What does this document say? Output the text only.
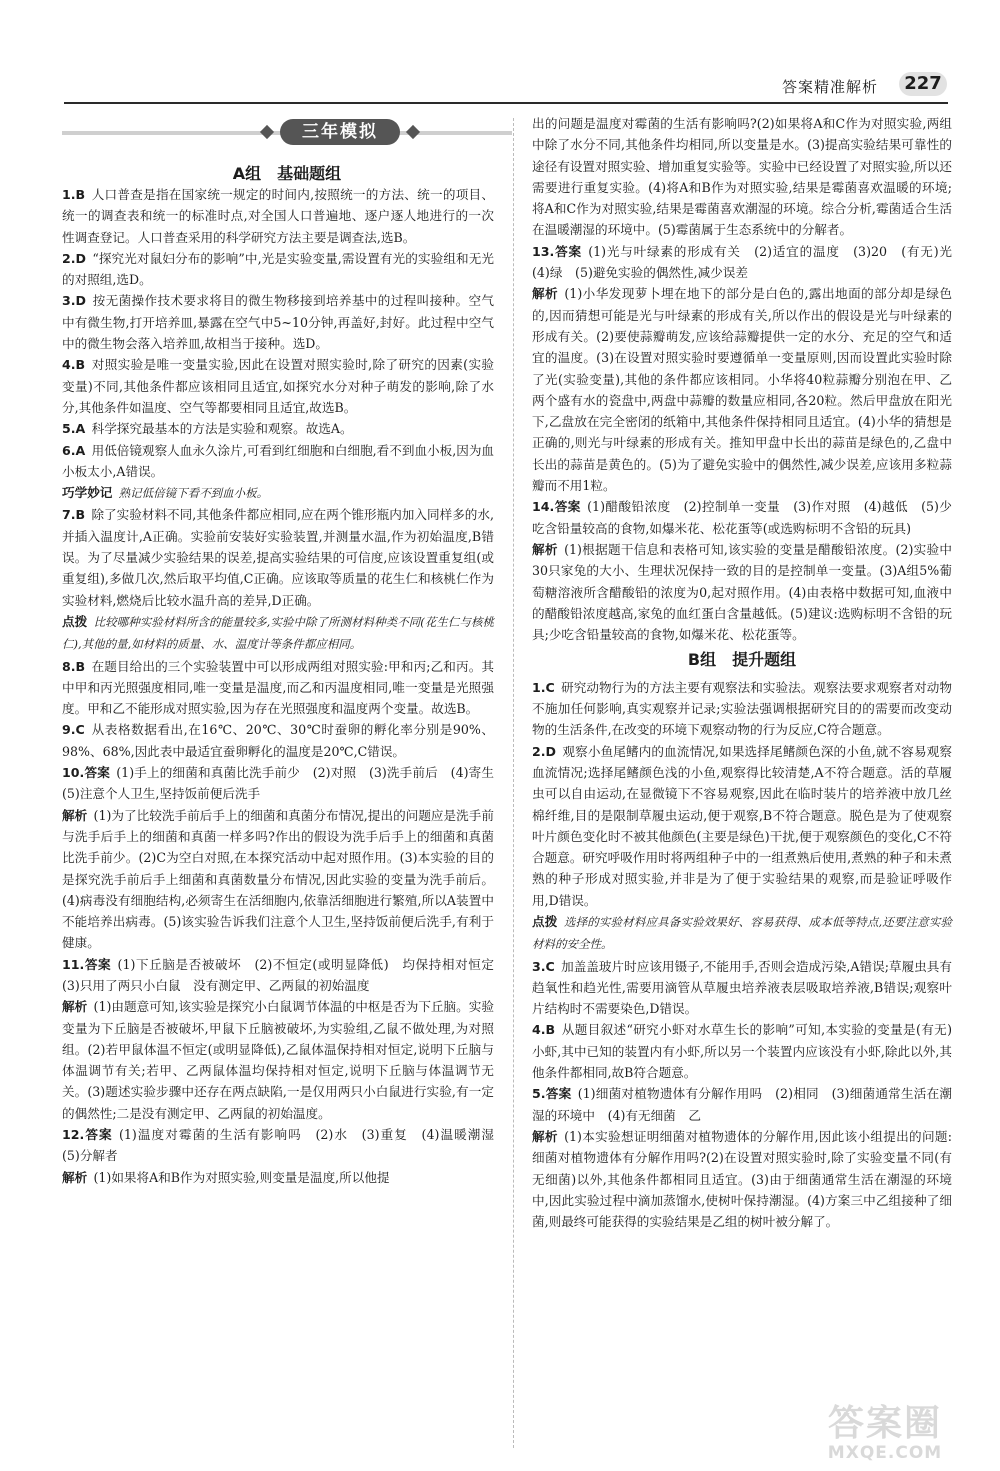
答案精准解析 227
三年模拟
A组　基础题组

1.B  人口普查是指在国家统一规定的时间内,按照统一的方法、统一的项目、统一的调查表和统一的标准时点,对全国人口普遍地、逐户逐人地进行的一次性调查登记。人口普查采用的科学研究方法主要是调查法,选B。

2.D  “探究光对鼠妇分布的影响”中,光是实验变量,需设置有光的实验组和无光的对照组,选D。

3.D  按无菌操作技术要求将目的微生物移接到培养基中的过程叫接种。空气中有微生物,打开培养皿,暴露在空气中5~10分钟,再盖好,封好。此过程中空气中的微生物会落入培养皿,故相当于接种。选D。

4.B  对照实验是唯一变量实验,因此在设置对照实验时,除了研究的因素(实验变量)不同,其他条件都应该相同且适宜,如探究水分对种子萌发的影响,除了水分,其他条件如温度、空气等都要相同且适宜,故选B。

5.A  科学探究最基本的方法是实验和观察。故选A。

6.A  用低倍镜观察人血永久涂片,可看到红细胞和白细胞,看不到血小板,因为血小板太小,A错误。

巧学妙记  熟记低倍镜下看不到血小板。

7.B  除了实验材料不同,其他条件都应相同,应在两个锥形瓶内加入同样多的水,并插入温度计,A正确。实验前安装好实验装置,并测量水温,作为初始温度,B错误。为了尽量减少实验结果的误差,提高实验结果的可信度,应该设置重复组(或重复组),多做几次,然后取平均值,C正确。应该取等质量的花生仁和核桃仁作为实验材料,燃烧后比较水温升高的差异,D正确。

点拨  比较哪种实验材料所含的能量较多,实验中除了所测材料种类不同(花生仁与核桃仁),其他的量,如材料的质量、水、温度计等条件都应相同。

8.B  在题目给出的三个实验装置中可以形成两组对照实验:甲和丙;乙和丙。其中甲和丙光照强度相同,唯一变量是温度,而乙和丙温度相同,唯一变量是光照强度。甲和乙不能形成对照实验,因为存在光照强度和温度两个变量。故选B。

9.C  从表格数据看出,在16℃、20℃、30℃时蚕卵的孵化率分别是90%、98%、68%,因此表中最适宜蚕卵孵化的温度是20℃,C错误。

10.答案  (1)手上的细菌和真菌比洗手前少　(2)对照　(3)洗手前后　(4)寄生　(5)注意个人卫生,坚持饭前便后洗手

解析  (1)为了比较洗手前后手上的细菌和真菌分布情况,提出的问题应是洗手前与洗手后手上的细菌和真菌一样多吗?作出的假设为洗手后手上的细菌和真菌比洗手前少。(2)C为空白对照,在本探究活动中起对照作用。(3)本实验的目的是探究洗手前后手上细菌和真菌数量分布情况,因此实验的变量为洗手前后。(4)病毒没有细胞结构,必须寄生在活细胞内,依靠活细胞进行繁殖,所以A装置中不能培养出病毒。(5)该实验告诉我们注意个人卫生,坚持饭前便后洗手,有利于健康。

11.答案  (1)下丘脑是否被破坏　(2)不恒定(或明显降低)　均保持相对恒定　(3)只用了两只小白鼠　没有测定甲、乙两鼠的初始温度

解析  (1)由题意可知,该实验是探究小白鼠调节体温的中枢是否为下丘脑。实验变量为下丘脑是否被破坏,甲鼠下丘脑被破坏,为实验组,乙鼠不做处理,为对照组。(2)若甲鼠体温不恒定(或明显降低),乙鼠体温保持相对恒定,说明下丘脑与体温调节有关;若甲、乙两鼠体温均保持相对恒定,说明下丘脑与体温调节无关。(3)题述实验步骤中还存在两点缺陷,一是仅用两只小白鼠进行实验,有一定的偶然性;二是没有测定甲、乙两鼠的初始温度。

12.答案  (1)温度对霉菌的生活有影响吗　(2)水　(3)重复　(4)温暖潮湿　(5)分解者

解析  (1)如果将A和B作为对照实验,则变量是温度,所以他提

出的问题是温度对霉菌的生活有影响吗?(2)如果将A和C作为对照实验,两组中除了水分不同,其他条件均相同,所以变量是水。(3)提高实验结果可靠性的途径有设置对照实验、增加重复实验等。实验中已经设置了对照实验,所以还需要进行重复实验。(4)将A和B作为对照实验,结果是霉菌喜欢温暖的环境;将A和C作为对照实验,结果是霉菌喜欢潮湿的环境。综合分析,霉菌适合生活在温暖潮湿的环境中。(5)霉菌属于生态系统中的分解者。

13.答案  (1)光与叶绿素的形成有关　(2)适宜的温度　(3)20　(有无)光　(4)绿　(5)避免实验的偶然性,减少误差

解析  (1)小华发现萝卜埋在地下的部分是白色的,露出地面的部分却是绿色的,因而猜想可能是光与叶绿素的形成有关,所以作出的假设是光与叶绿素的形成有关。(2)要使蒜瓣萌发,应该给蒜瓣提供一定的水分、充足的空气和适宜的温度。(3)在设置对照实验时要遵循单一变量原则,因而设置此实验时除了光(实验变量),其他的条件都应该相同。小华将40粒蒜瓣分别泡在甲、乙两个盛有水的瓷盘中,两盘中蒜瓣的数量应相同,各20粒。然后甲盘放在阳光下,乙盘放在完全密闭的纸箱中,其他条件保持相同且适宜。(4)小华的猜想是正确的,则光与叶绿素的形成有关。推知甲盘中长出的蒜苗是绿色的,乙盘中长出的蒜苗是黄色的。(5)为了避免实验中的偶然性,减少误差,应该用多粒蒜瓣而不用1粒。

14.答案  (1)醋酸铅浓度　(2)控制单一变量　(3)作对照　(4)越低　(5)少吃含铅量较高的食物,如爆米花、松花蛋等(或选购标明不含铅的玩具)

解析  (1)根据题干信息和表格可知,该实验的变量是醋酸铅浓度。(2)实验中30只家兔的大小、生理状况保持一致的目的是控制单一变量。(3)A组5%葡萄糖溶液所含醋酸铅的浓度为0,起对照作用。(4)由表格中数据可知,血液中的醋酸铅浓度越高,家兔的血红蛋白含量越低。(5)建议:选购标明不含铅的玩具;少吃含铅量较高的食物,如爆米花、松花蛋等。

B组　提升题组

1.C  研究动物行为的方法主要有观察法和实验法。观察法要求观察者对动物不施加任何影响,真实观察并记录;实验法强调根据研究目的的需要而改变动物的生活条件,在改变的环境下观察动物的行为反应,C符合题意。

2.D  观察小鱼尾鳍内的血流情况,如果选择尾鳍颜色深的小鱼,就不容易观察血流情况;选择尾鳍颜色浅的小鱼,观察得比较清楚,A不符合题意。活的草履虫可以自由运动,在显微镜下不容易观察,因此在临时装片的培养液中放几丝棉纤维,目的是限制草履虫运动,便于观察,B不符合题意。脱色是为了使观察叶片颜色变化时不被其他颜色(主要是绿色)干扰,便于观察颜色的变化,C不符合题意。研究呼吸作用时将两组种子中的一组煮熟后使用,煮熟的种子和未煮熟的种子形成对照实验,并非是为了便于实验结果的观察,而是验证呼吸作用,D错误。

点拨  选择的实验材料应具备实验效果好、容易获得、成本低等特点,还要注意实验材料的安全性。

3.C  加盖盖玻片时应该用镊子,不能用手,否则会造成污染,A错误;草履虫具有趋氧性和趋光性,需要用滴管从草履虫培养液表层吸取培养液,B错误;观察叶片结构时不需要染色,D错误。

4.B  从题目叙述“研究小虾对水草生长的影响”可知,本实验的变量是(有无)小虾,其中已知的装置内有小虾,所以另一个装置内应该没有小虾,除此以外,其他条件都相同,故B符合题意。

5.答案  (1)细菌对植物遗体有分解作用吗　(2)相同　(3)细菌通常生活在潮湿的环境中　(4)有无细菌　乙

解析  (1)本实验想证明细菌对植物遗体的分解作用,因此该小组提出的问题:细菌对植物遗体有分解作用吗?(2)在设置对照实验时,除了实验变量不同(有无细菌)以外,其他条件都相同且适宜。(3)由于细菌通常生活在潮湿的环境中,因此实验过程中滴加蒸馏水,使树叶保持潮湿。(4)方案三中乙组接种了细菌,则最终可能获得的实验结果是乙组的树叶被分解了。

答案圈
MXQE.COM
